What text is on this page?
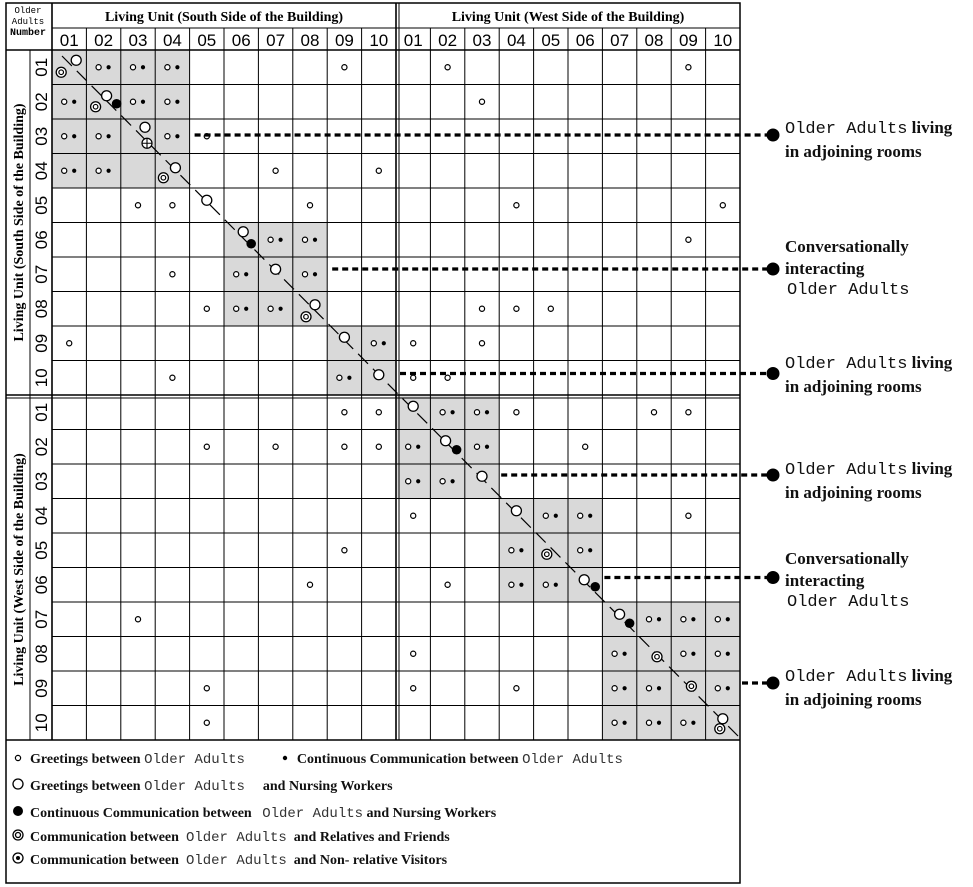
Older
Adults
Number
Living Unit (South Side of the Building)	Living Unit (West Side of the Building)
01 02 03 04 05 06 07 08 09 10 01 02 03 04 05 06 07 08 09 10
01
02
03
04
05
06
07
08
09
10
01
02
03
04
05
06
07
08
09
10
Living Unit (South Side of the Building)
Living Unit (West Side of the Building)
Older Adults living
in adjoining rooms
Conversationally
interacting
Older Adults
Older Adults living
in adjoining rooms
Older Adults living
in adjoining rooms
Conversationally
interacting
Older Adults
Older Adults living
in adjoining rooms
Greetings between
Older Adults	Continuous Communication between
Older Adults
Greetings between
Older Adults and Nursing Workers
Continuous Communication between
Older Adults
and Nursing Workers
Communication between
Older Adults
and Relatives and Friends
Communication between
Older Adults
and Non- relative Visitors
